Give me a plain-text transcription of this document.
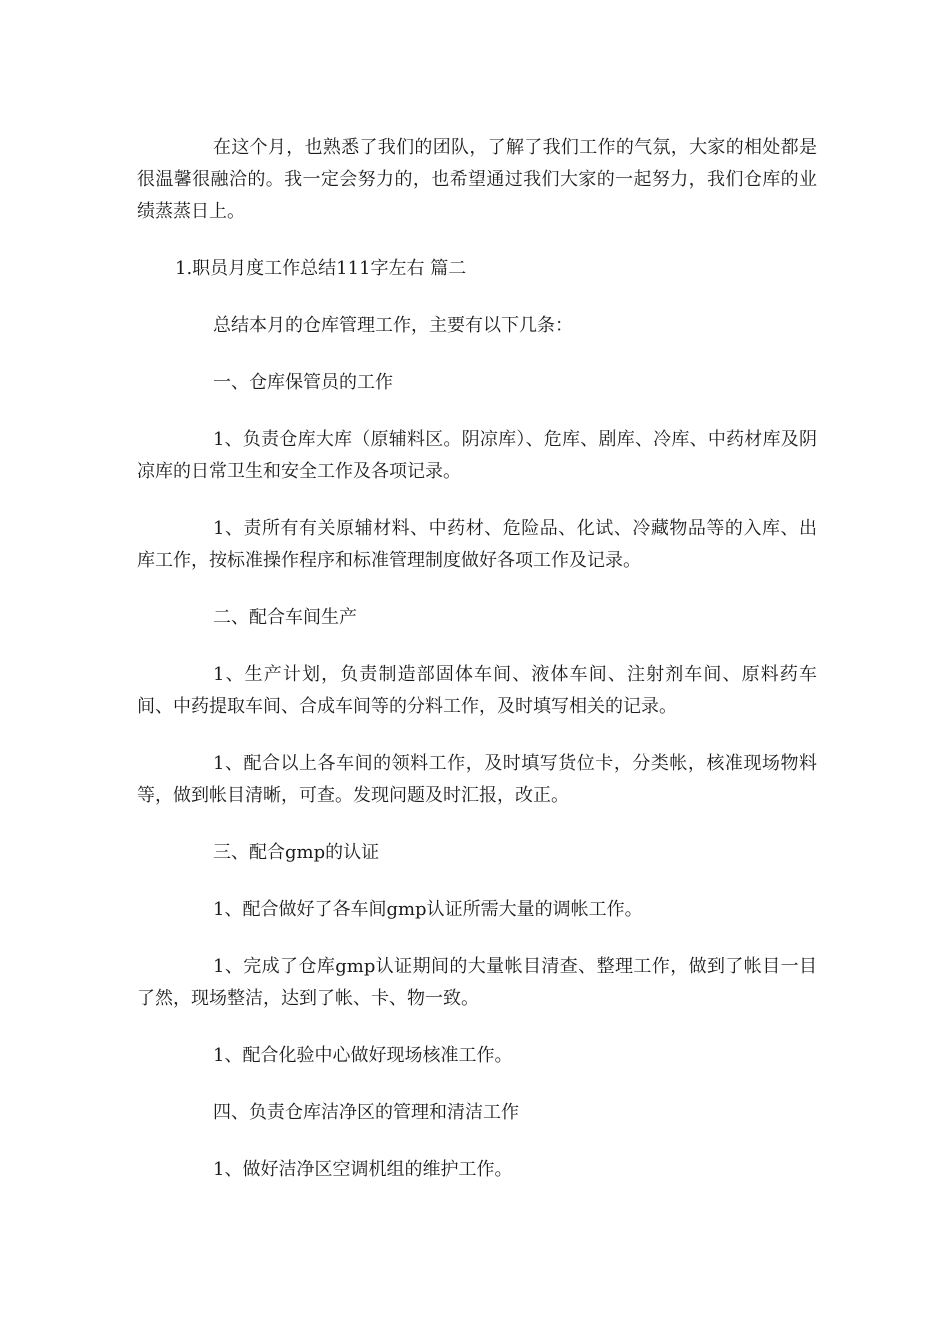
在这个月，也熟悉了我们的团队，了解了我们工作的气氛，大家的相处都是很温馨很融洽的。我一定会努力的，也希望通过我们大家的一起努力，我们仓库的业绩蒸蒸日上。

1.职员月度工作总结111字左右 篇二

总结本月的仓库管理工作，主要有以下几条：

一、仓库保管员的工作

1、负责仓库大库（原辅料区。阴凉库）、危库、剧库、冷库、中药材库及阴凉库的日常卫生和安全工作及各项记录。

1、责所有有关原辅材料、中药材、危险品、化试、冷藏物品等的入库、出库工作，按标准操作程序和标准管理制度做好各项工作及记录。

二、配合车间生产

1、生产计划，负责制造部固体车间、液体车间、注射剂车间、原料药车间、中药提取车间、合成车间等的分料工作，及时填写相关的记录。

1、配合以上各车间的领料工作，及时填写货位卡，分类帐，核准现场物料等，做到帐目清晰，可查。发现问题及时汇报，改正。

三、配合gmp的认证

1、配合做好了各车间gmp认证所需大量的调帐工作。

1、完成了仓库gmp认证期间的大量帐目清查、整理工作，做到了帐目一目了然，现场整洁，达到了帐、卡、物一致。

1、配合化验中心做好现场核准工作。

四、负责仓库洁净区的管理和清洁工作

1、做好洁净区空调机组的维护工作。
